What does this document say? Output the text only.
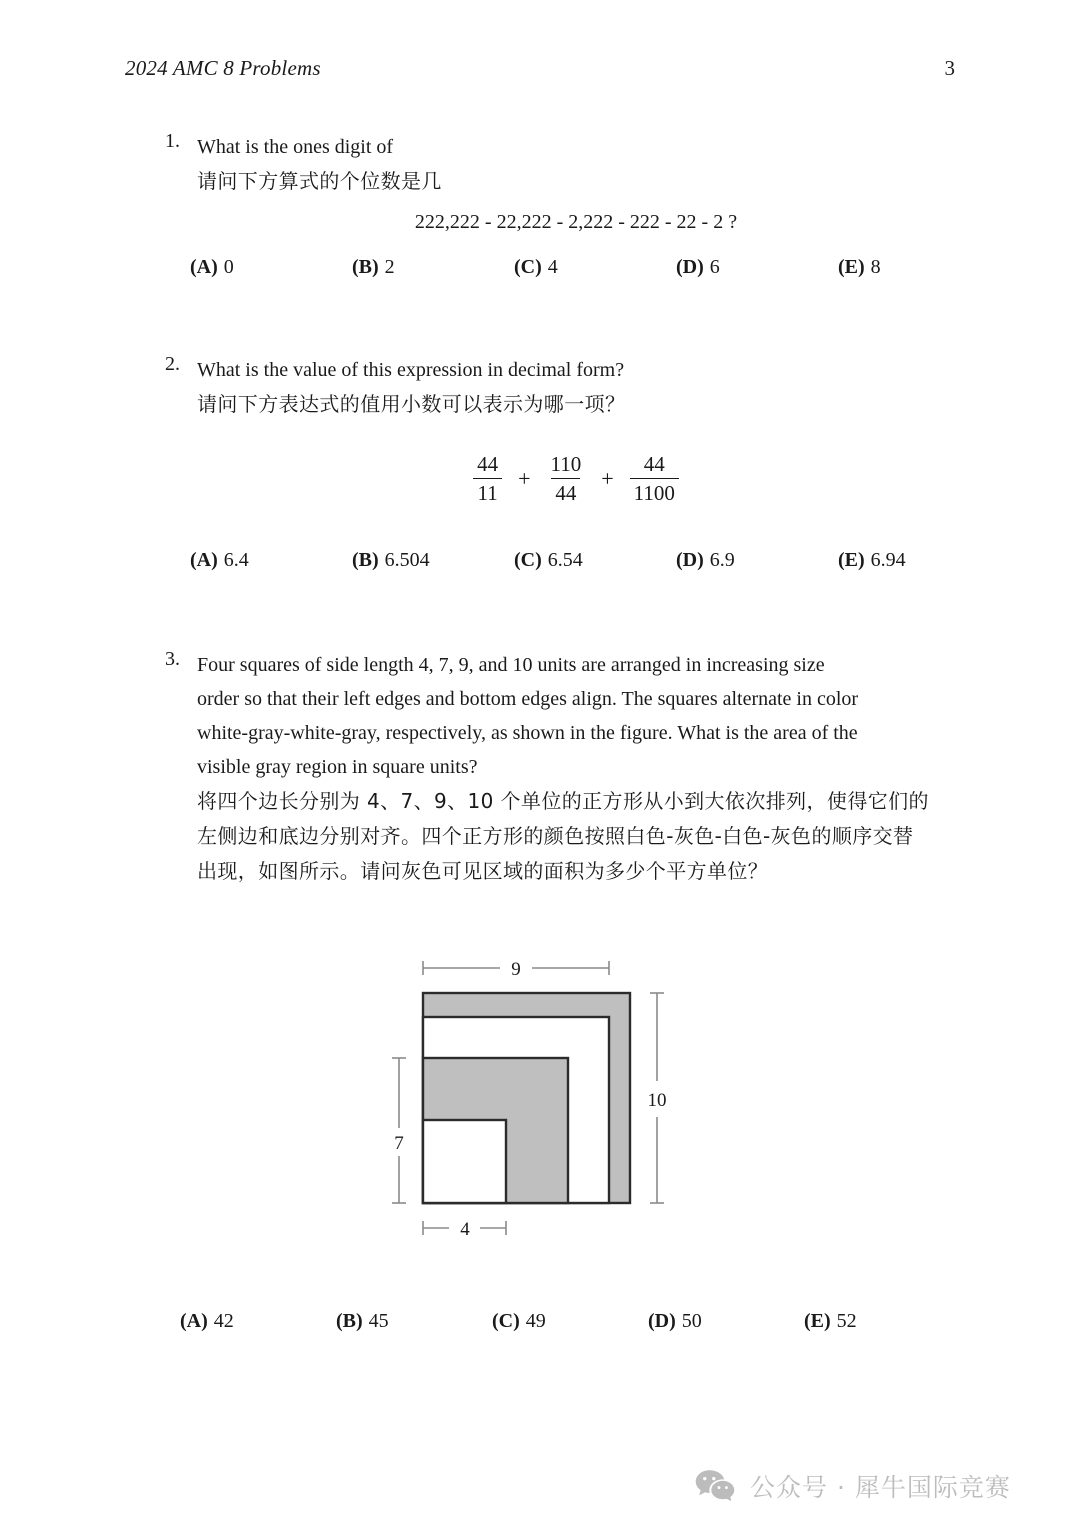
2024 AMC 8 Problems	3
1. What is the ones digit of
请问下方算式的个位数是几
222,222 - 22,222 - 2,222 - 222 - 22 - 2 ?
(A) 0	(B) 2	(C) 4	(D) 6	(E) 8
2. What is the value of this expression in decimal form?
请问下方表达式的值用小数可以表示为哪一项？
$\frac{44}{11} + \frac{110}{44} + \frac{44}{1100}$
(A) 6.4	(B) 6.504	(C) 6.54	(D) 6.9	(E) 6.94
3. Four squares of side length 4, 7, 9, and 10 units are arranged in increasing size
order so that their left edges and bottom edges align. The squares alternate in color
white-gray-white-gray, respectively, as shown in the figure. What is the area of the
visible gray region in square units?
将四个边长分别为 4、7、9、10 个单位的正方形从小到大依次排列，使得它们的
左侧边和底边分别对齐。四个正方形的颜色按照白色-灰色-白色-灰色的顺序交替
出现，如图所示。请问灰色可见区域的面积为多少个平方单位？
9
10
7
4
(A) 42	(B) 45	(C) 49	(D) 50	(E) 52
公众号 · 犀牛国际竞赛
